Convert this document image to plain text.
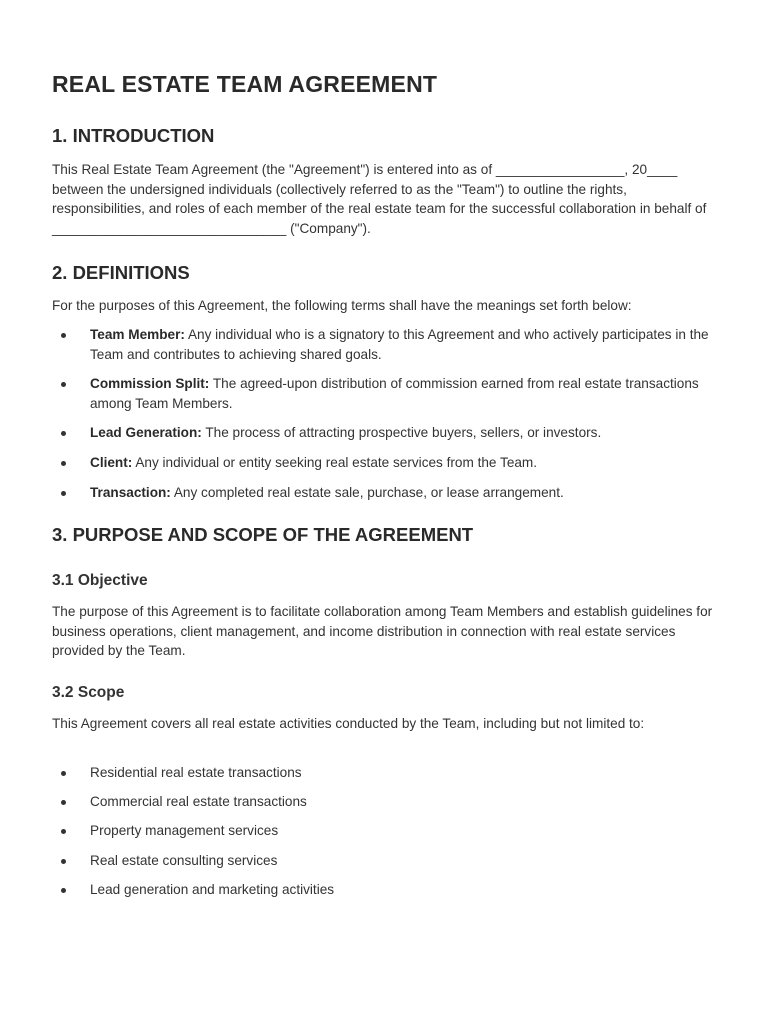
REAL ESTATE TEAM AGREEMENT
1. INTRODUCTION

This Real Estate Team Agreement (the "Agreement") is entered into as of _________________, 20____ between the undersigned individuals (collectively referred to as the "Team") to outline the rights, responsibilities, and roles of each member of the real estate team for the successful collaboration in behalf of _______________________________ ("Company").

2. DEFINITIONS

For the purposes of this Agreement, the following terms shall have the meanings set forth below:

Team Member: Any individual who is a signatory to this Agreement and who actively participates in the Team and contributes to achieving shared goals.
Commission Split: The agreed-upon distribution of commission earned from real estate transactions among Team Members.
Lead Generation: The process of attracting prospective buyers, sellers, or investors.
Client: Any individual or entity seeking real estate services from the Team.
Transaction: Any completed real estate sale, purchase, or lease arrangement.
3. PURPOSE AND SCOPE OF THE AGREEMENT
3.1 Objective

The purpose of this Agreement is to facilitate collaboration among Team Members and establish guidelines for business operations, client management, and income distribution in connection with real estate services provided by the Team.

3.2 Scope

This Agreement covers all real estate activities conducted by the Team, including but not limited to:

Residential real estate transactions
Commercial real estate transactions
Property management services
Real estate consulting services
Lead generation and marketing activities
